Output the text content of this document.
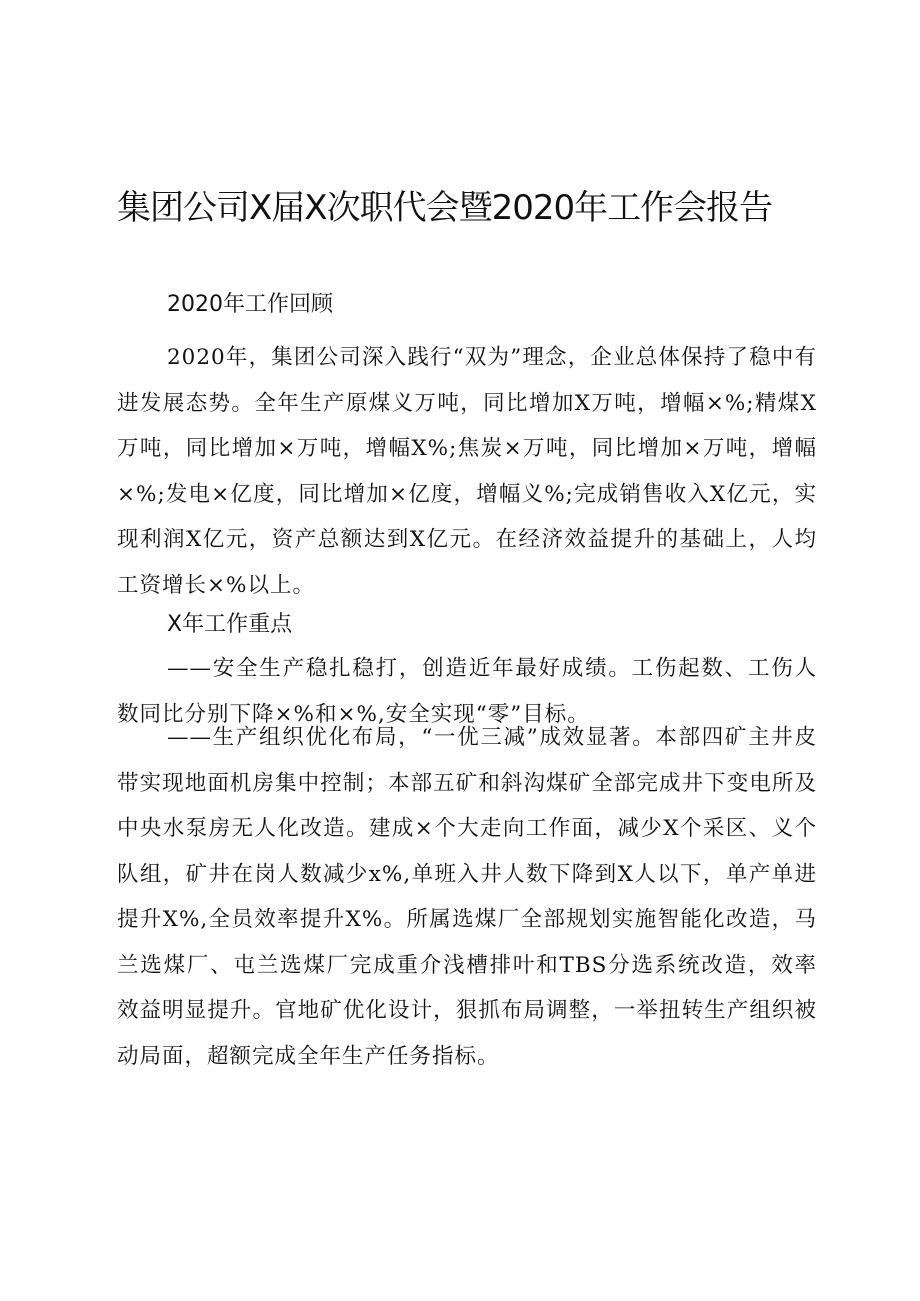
集团公司X届X次职代会暨2020年工作会报告
2020年工作回顾

2020年，集团公司深入践行“双为”理念，企业总体保持了稳中有进发展态势。全年生产原煤义万吨，同比增加X万吨，增幅×%;精煤X万吨，同比增加×万吨，增幅X%;焦炭×万吨，同比增加×万吨，增幅×%;发电×亿度，同比增加×亿度，增幅义%;完成销售收入X亿元，实现利润X亿元，资产总额达到X亿元。在经济效益提升的基础上，人均工资增长×%以上。

X年工作重点

——安全生产稳扎稳打，创造近年最好成绩。工伤起数、工伤人数同比分别下降×%和×%,安全实现“零”目标。

——生产组织优化布局，“一优三减”成效显著。本部四矿主井皮带实现地面机房集中控制；本部五矿和斜沟煤矿全部完成井下变电所及中央水泵房无人化改造。建成×个大走向工作面，减少X个采区、义个队组，矿井在岗人数减少x%,单班入井人数下降到X人以下，单产单进提升X%,全员效率提升X%。所属选煤厂全部规划实施智能化改造，马兰选煤厂、屯兰选煤厂完成重介浅槽排叶和TBS分选系统改造，效率效益明显提升。官地矿优化设计，狠抓布局调整，一举扭转生产组织被动局面，超额完成全年生产任务指标。
